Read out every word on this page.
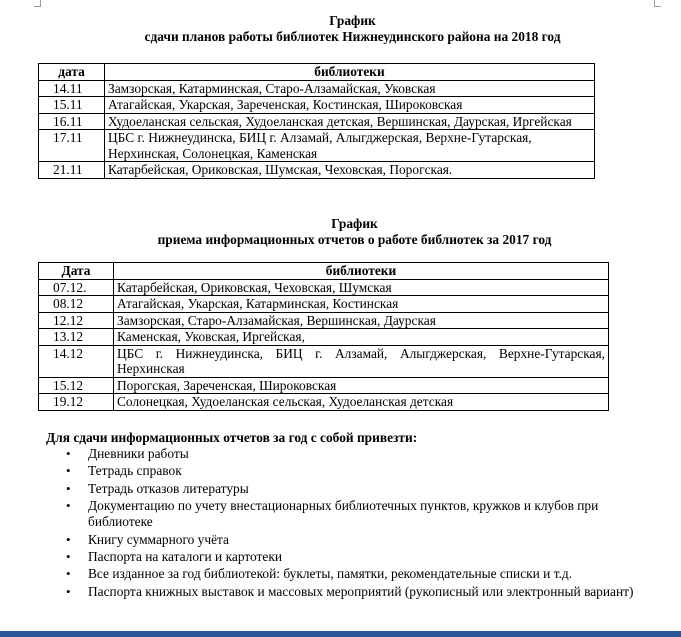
График
сдачи планов работы библиотек Нижнеудинского района на 2018 год
дата	библиотеки
14.11	Замзорская, Катарминская, Старо-Алзамайская, Уковская
15.11	Атагайская, Укарская, Зареченская, Костинская, Широковская
16.11	Худоеланская сельская, Худоеланская детская, Вершинская, Даурская, Иргейская
17.11	ЦБС г. Нижнеудинска, БИЦ г. Алзамай, Алыгджерская, Верхне-Гутарская, Нерхинская, Солонецкая, Каменская
21.11	Катарбейская, Ориковская, Шумская, Чеховская, Порогская.
График
приема информационных отчетов о работе библиотек за 2017 год
Дата	библиотеки
07.12.	Катарбейская, Ориковская, Чеховская, Шумская
08.12	Атагайская, Укарская, Катарминская, Костинская
12.12	Замзорская, Старо-Алзамайская, Вершинская, Даурская
13.12	Каменская, Уковская, Иргейская,
14.12	ЦБС г. Нижнеудинска, БИЦ г. Алзамай, Алыгджерская, Верхне-Гутарская, Нерхинская
15.12	Порогская, Зареченская, Широковская
19.12	Солонецкая, Худоеланская сельская, Худоеланская детская
Для сдачи информационных отчетов за год с собой привезти:
• Дневники работы
• Тетрадь справок
• Тетрадь отказов литературы
• Документацию по учету внестационарных библиотечных пунктов, кружков и клубов при библиотеке
• Книгу суммарного учёта
• Паспорта на каталоги и картотеки
• Все изданное за год библиотекой: буклеты, памятки, рекомендательные списки и т.д.
• Паспорта книжных выставок и массовых мероприятий (рукописный или электронный вариант)
